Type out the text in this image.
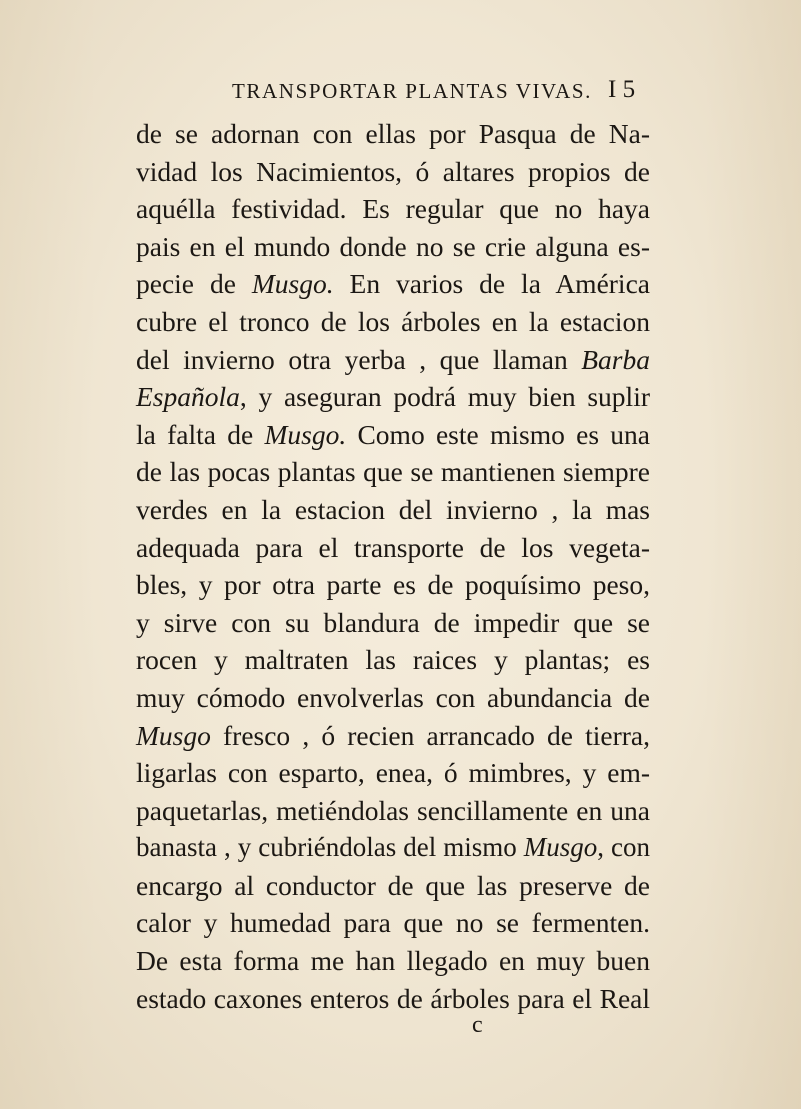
TRANSPORTAR PLANTAS VIVAS. I 5
de se adornan con ellas por Pasqua de Na-
vidad los Nacimientos, ó altares propios de
aquélla festividad. Es regular que no haya
pais en el mundo donde no se crie alguna es-
pecie de Musgo. En varios de la América
cubre el tronco de los árboles en la estacion
del invierno otra yerba , que llaman Barba
Española, y aseguran podrá muy bien suplir
la falta de Musgo. Como este mismo es una
de las pocas plantas que se mantienen siempre
verdes en la estacion del invierno , la mas
adequada para el transporte de los vegeta-
bles, y por otra parte es de poquísimo peso,
y sirve con su blandura de impedir que se
rocen y maltraten las raices y plantas; es
muy cómodo envolverlas con abundancia de
Musgo fresco , ó recien arrancado de tierra,
ligarlas con esparto, enea, ó mimbres, y em-
paquetarlas, metiéndolas sencillamente en una
banasta , y cubriéndolas del mismo Musgo, con
encargo al conductor de que las preserve de
calor y humedad para que no se fermenten.
De esta forma me han llegado en muy buen
estado caxones enteros de árboles para el Real
c
